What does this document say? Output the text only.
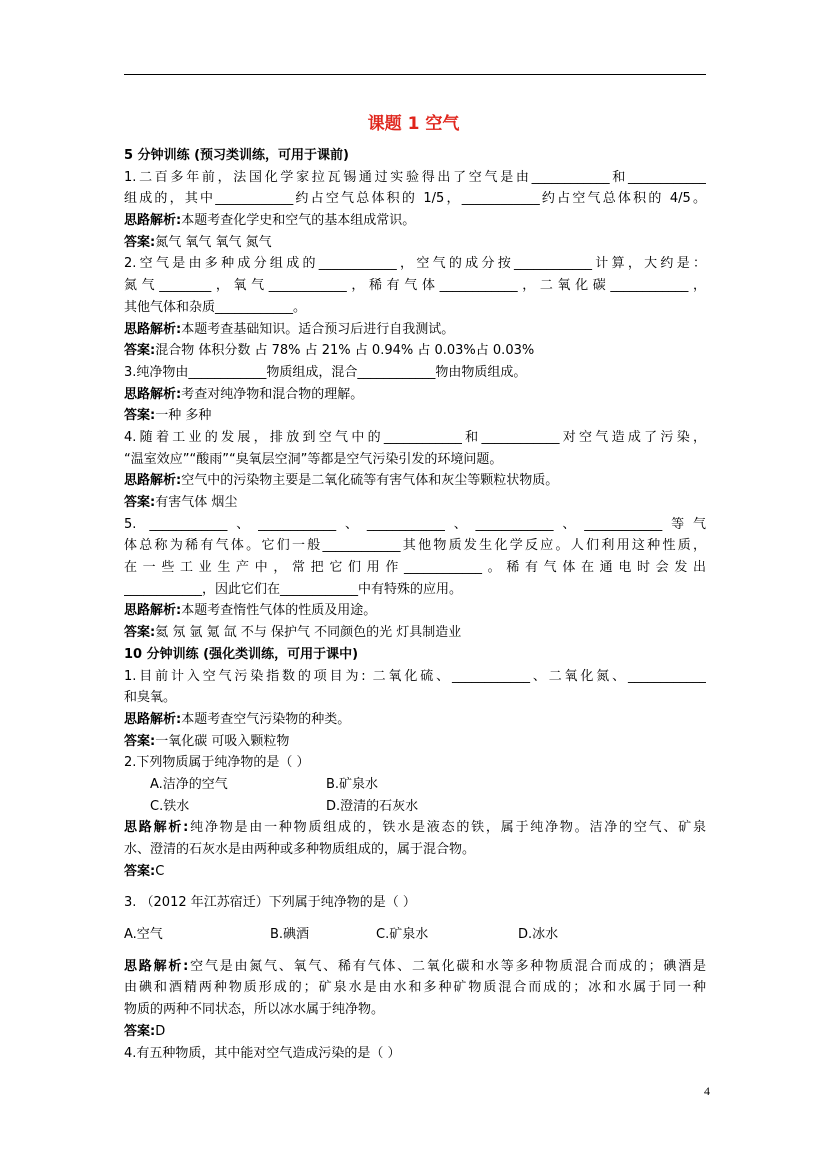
课题 1 空气
5 分钟训练 (预习类训练，可用于课前)
1.二百多年前，法国化学家拉瓦锡通过实验得出了空气是由____________和____________
组成的，其中____________约占空气总体积的 1/5，____________约占空气总体积的 4/5。
思路解析:本题考查化学史和空气的基本组成常识。
答案:氮气 氧气 氧气 氮气
2.空气是由多种成分组成的____________，空气的成分按____________计算，大约是：
氮气________，氧气____________，稀有气体____________，二氧化碳____________，
其他气体和杂质____________。
思路解析:本题考查基础知识。适合预习后进行自我测试。
答案:混合物 体积分数 占 78% 占 21% 占 0.94% 占 0.03%占 0.03%
3.纯净物由____________物质组成，混合____________物由物质组成。
思路解析:考查对纯净物和混合物的理解。
答案:一种 多种
4.随着工业的发展，排放到空气中的____________和____________对空气造成了污染，
“温室效应”“酸雨”“臭氧层空洞”等都是空气污染引发的环境问题。
思路解析:空气中的污染物主要是二氧化硫等有害气体和灰尘等颗粒状物质。
答案:有害气体 烟尘
5. ____________、____________、____________、____________、____________等气
体总称为稀有气体。它们一般____________其他物质发生化学反应。人们利用这种性质，
在一些工业生产中，常把它们用作____________。稀有气体在通电时会发出
____________，因此它们在____________中有特殊的应用。
思路解析:本题考查惰性气体的性质及用途。
答案:氦 氖 氩 氪 氙 不与 保护气 不同颜色的光 灯具制造业
10 分钟训练 (强化类训练，可用于课中)
1.目前计入空气污染指数的项目为: 二氧化硫、____________、二氧化氮、____________
和臭氧。
思路解析:本题考查空气污染物的种类。
答案:一氧化碳 可吸入颗粒物
2.下列物质属于纯净物的是（ ）
A.洁净的空气	B.矿泉水
C.铁水	D.澄清的石灰水
思路解析:纯净物是由一种物质组成的，铁水是液态的铁，属于纯净物。洁净的空气、矿泉
水、澄清的石灰水是由两种或多种物质组成的，属于混合物。
答案:C
3. （2012 年江苏宿迁）下列属于纯净物的是（ ）
A.空气	B.碘酒	C.矿泉水	D.冰水
思路解析:空气是由氮气、氧气、稀有气体、二氧化碳和水等多种物质混合而成的；碘酒是
由碘和酒精两种物质形成的；矿泉水是由水和多种矿物质混合而成的；冰和水属于同一种
物质的两种不同状态，所以冰水属于纯净物。
答案:D
4.有五种物质，其中能对空气造成污染的是（ ）
4
